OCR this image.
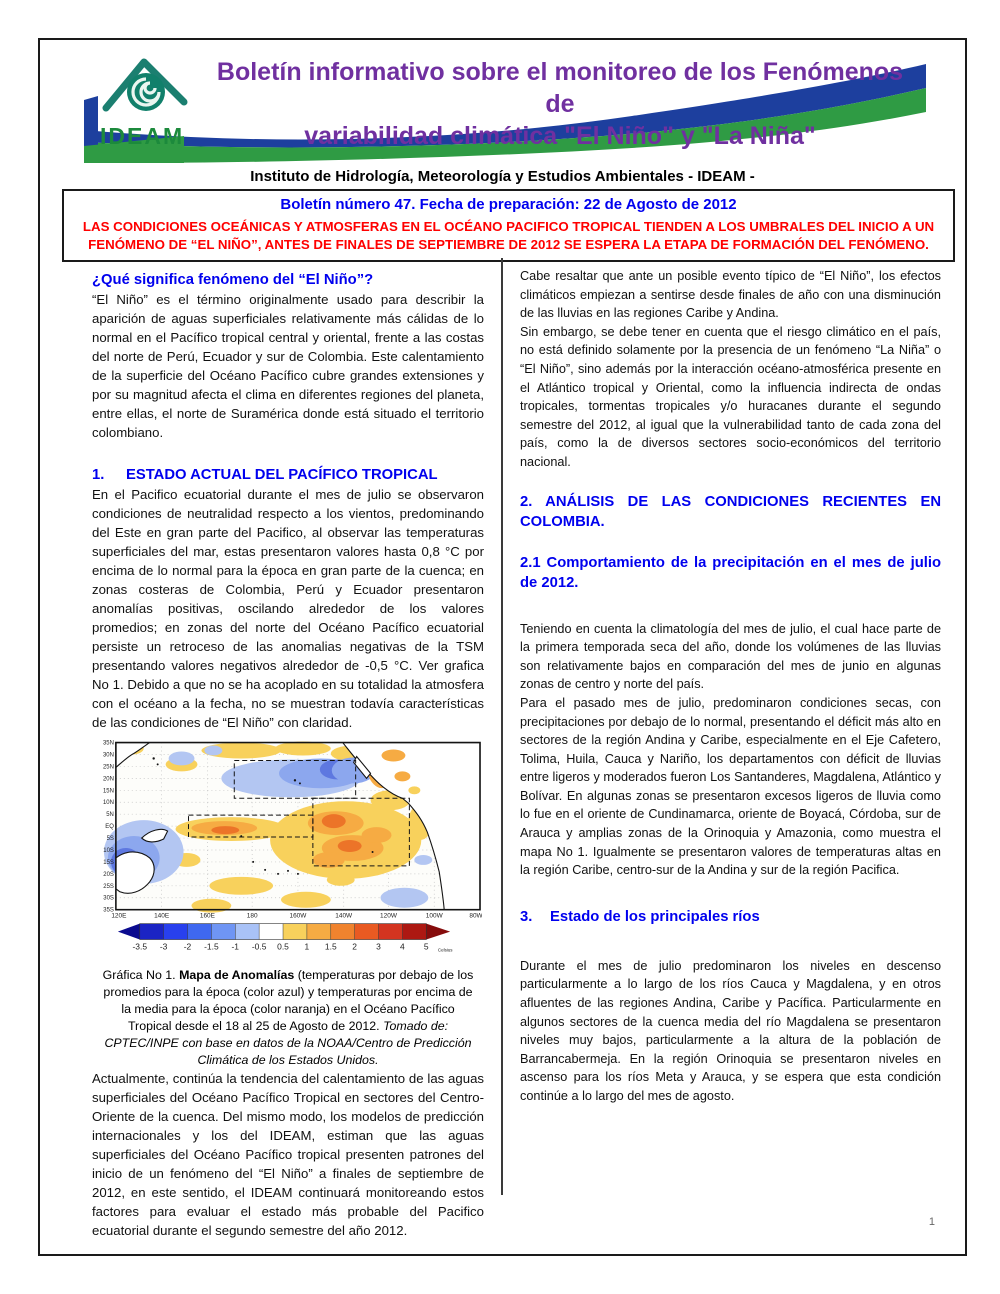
IDEAM
Boletín informativo sobre el monitoreo de los Fenómenos de
variabilidad climática "El Niño" y "La Niña"
Instituto de Hidrología, Meteorología y Estudios Ambientales - IDEAM -
Boletín número 47. Fecha de preparación: 22 de Agosto de 2012
LAS CONDICIONES OCEÁNICAS Y ATMOSFERAS EN EL OCÉANO PACIFICO TROPICAL TIENDEN A LOS UMBRALES DEL INICIO A UN FENÓMENO DE “EL NIÑO”, ANTES DE FINALES DE SEPTIEMBRE DE 2012 SE ESPERA LA ETAPA DE FORMACIÓN DEL FENÓMENO.
¿Qué significa fenómeno del “El Niño”?

“El Niño” es el término originalmente usado para describir la aparición de aguas superficiales relativamente más cálidas de lo normal en el Pacífico tropical central y oriental, frente a las costas del norte de Perú, Ecuador y sur de Colombia. Este calentamiento de la superficie del Océano Pacífico cubre grandes extensiones y por su magnitud afecta el clima en diferentes regiones del planeta, entre ellas, el norte de Suramérica donde está situado el territorio colombiano.

1. ESTADO ACTUAL DEL PACÍFICO TROPICAL

En el Pacifico ecuatorial durante el mes de julio se observaron condiciones de neutralidad respecto a los vientos, predominando del Este en gran parte del Pacifico, al observar las temperaturas superficiales del mar, estas presentaron valores hasta 0,8 °C por encima de lo normal para la época en gran parte de la cuenca; en zonas costeras de Colombia, Perú y Ecuador presentaron anomalías positivas, oscilando alrededor de los valores promedios; en zonas del norte del Océano Pacífico ecuatorial persiste un retroceso de las anomalias negativas de la TSM presentando valores negativos alrededor de -0,5 °C. Ver grafica No 1. Debido a que no se ha acoplado en su totalidad la atmosfera con el océano a la fecha, no se muestran todavía características de las condiciones de “El Niño” con claridad.

35N
30N
25N
20N
15N
10N
5N
EQ
5S
10S
15S
20S
25S
30S
35S
120E	140E	160E	180	160W	140W	120W	100W	80W
-3.5 -3 -2 -1.5 -1 -0.5 0.5 1 1.5 2 3 4 5 Celsius
Gráfica No 1. Mapa de Anomalías (temperaturas por debajo de los promedios para la época (color azul) y temperaturas por encima de la media para la época (color naranja) en el Océano Pacífico Tropical desde el 18 al 25 de Agosto de 2012. Tomado de: CPTEC/INPE con base en datos de la NOAA/Centro de Predicción Climática de los Estados Unidos.

Actualmente, continúa la tendencia del calentamiento de las aguas superficiales del Océano Pacífico Tropical en sectores del Centro-Oriente de la cuenca. Del mismo modo, los modelos de predicción internacionales y los del IDEAM, estiman que las aguas superficiales del Océano Pacífico tropical presenten patrones del inicio de un fenómeno del “El Niño” a finales de septiembre de 2012, en este sentido, el IDEAM continuará monitoreando estos factores para evaluar el estado más probable del Pacifico ecuatorial durante el segundo semestre del año 2012.

Cabe resaltar que ante un posible evento típico de “El Niño”, los efectos climáticos empiezan a sentirse desde finales de año con una disminución de las lluvias en las regiones Caribe y Andina.

Sin embargo, se debe tener en cuenta que el riesgo climático en el país, no está definido solamente por la presencia de un fenómeno “La Niña” o “El Niño”, sino además por la interacción océano-atmosférica presente en el Atlántico tropical y Oriental, como la influencia indirecta de ondas tropicales, tormentas tropicales y/o huracanes durante el segundo semestre del 2012, al igual que la vulnerabilidad tanto de cada zona del país, como la de diversos sectores socio-económicos del territorio nacional.

2. ANÁLISIS DE LAS CONDICIONES RECIENTES EN COLOMBIA.
2.1 Comportamiento de la precipitación en el mes de julio de 2012.

Teniendo en cuenta la climatología del mes de julio, el cual hace parte de la primera temporada seca del año, donde los volúmenes de las lluvias son relativamente bajos en comparación del mes de junio en algunas zonas de centro y norte del país.

Para el pasado mes de julio, predominaron condiciones secas, con precipitaciones por debajo de lo normal, presentando el déficit más alto en sectores de la región Andina y Caribe, especialmente en el Eje Cafetero, Tolima, Huila, Cauca y Nariño, los departamentos con déficit de lluvias entre ligeros y moderados fueron Los Santanderes, Magdalena, Atlántico y Bolívar. En algunas zonas se presentaron excesos ligeros de lluvia como lo fue en el oriente de Cundinamarca, oriente de Boyacá, Córdoba, sur de Arauca y amplias zonas de la Orinoquia y Amazonia, como muestra el mapa No 1. Igualmente se presentaron valores de temperaturas altas en la región Caribe, centro-sur de la Andina y sur de la región Pacifica.

3. Estado de los principales ríos

Durante el mes de julio predominaron los niveles en descenso particularmente a lo largo de los ríos Cauca y Magdalena, y en otros afluentes de las regiones Andina, Caribe y Pacífica. Particularmente en algunos sectores de la cuenca media del río Magdalena se presentaron niveles muy bajos, particularmente a la altura de la población de Barrancabermeja. En la región Orinoquia se presentaron niveles en ascenso para los ríos Meta y Arauca, y se espera que esta condición continúe a lo largo del mes de agosto.

1
